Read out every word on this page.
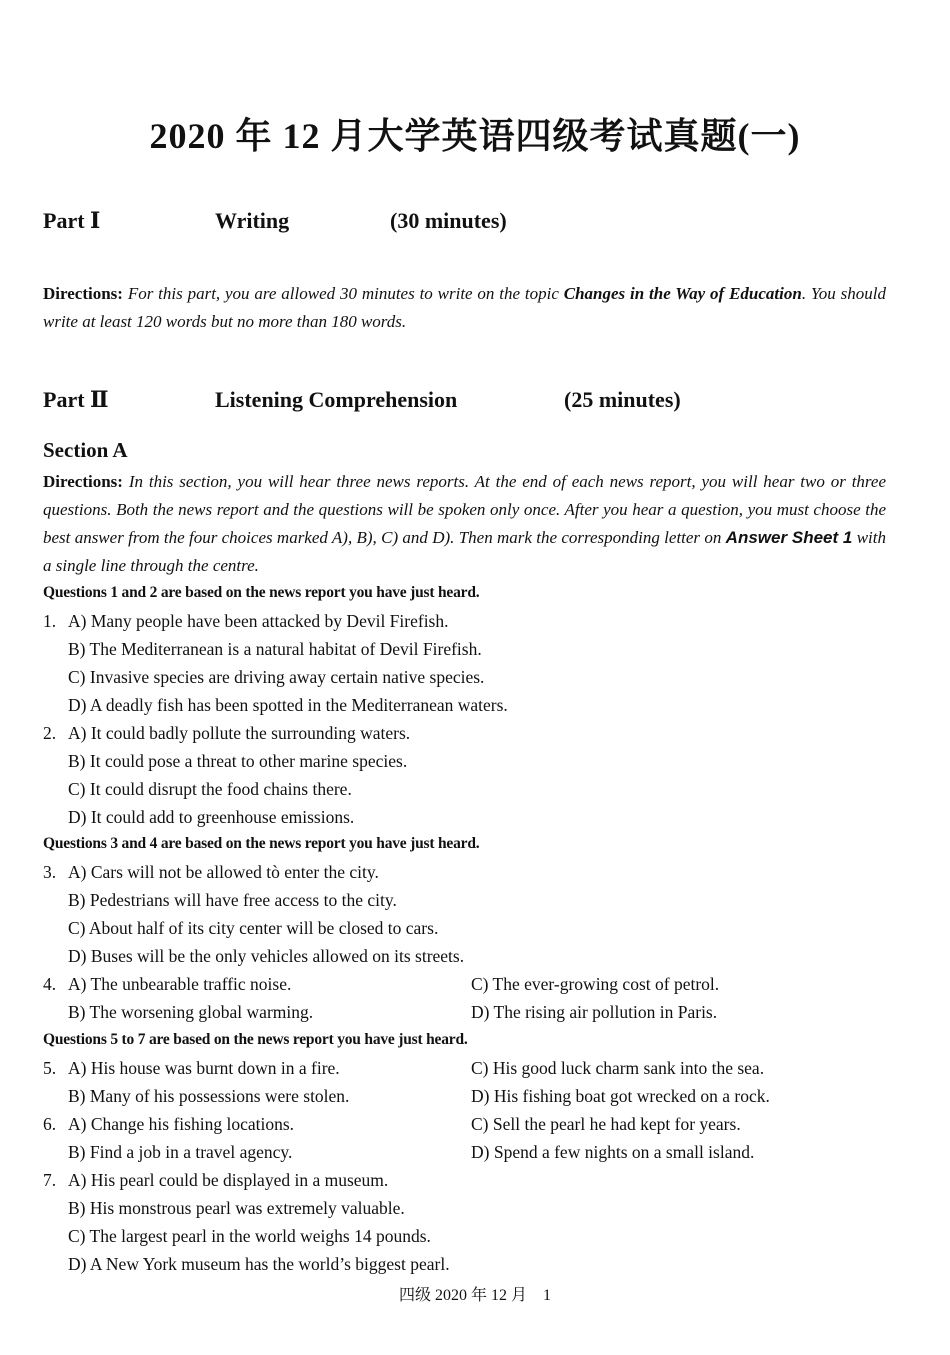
2020 年 12 月大学英语四级考试真题(一)
Part Ⅰ	Writing	(30 minutes)
Directions: For this part, you are allowed 30 minutes to write on the topic Changes in the Way of Education. You should write at least 120 words but no more than 180 words.
Part Ⅱ	Listening Comprehension	(25 minutes)
Section A
Directions: In this section, you will hear three news reports. At the end of each news report, you will hear two or three questions. Both the news report and the questions will be spoken only once. After you hear a question, you must choose the best answer from the four choices marked A), B), C) and D). Then mark the corresponding letter on Answer Sheet 1 with a single line through the centre.
Questions 1 and 2 are based on the news report you have just heard.
1. A) Many people have been attacked by Devil Firefish.
B) The Mediterranean is a natural habitat of Devil Firefish.
C) Invasive species are driving away certain native species.
D) A deadly fish has been spotted in the Mediterranean waters.
2. A) It could badly pollute the surrounding waters.
B) It could pose a threat to other marine species.
C) It could disrupt the food chains there.
D) It could add to greenhouse emissions.
Questions 3 and 4 are based on the news report you have just heard.
3. A) Cars will not be allowed tò enter the city.
B) Pedestrians will have free access to the city.
C) About half of its city center will be closed to cars.
D) Buses will be the only vehicles allowed on its streets.
4. A) The unbearable traffic noise.	C) The ever-growing cost of petrol.
B) The worsening global warming.	D) The rising air pollution in Paris.
Questions 5 to 7 are based on the news report you have just heard.
5. A) His house was burnt down in a fire.	C) His good luck charm sank into the sea.
B) Many of his possessions were stolen.	D) His fishing boat got wrecked on a rock.
6. A) Change his fishing locations.	C) Sell the pearl he had kept for years.
B) Find a job in a travel agency.	D) Spend a few nights on a small island.
7. A) His pearl could be displayed in a museum.
B) His monstrous pearl was extremely valuable.
C) The largest pearl in the world weighs 14 pounds.
D) A New York museum has the world’s biggest pearl.
四级 2020 年 12 月 1
